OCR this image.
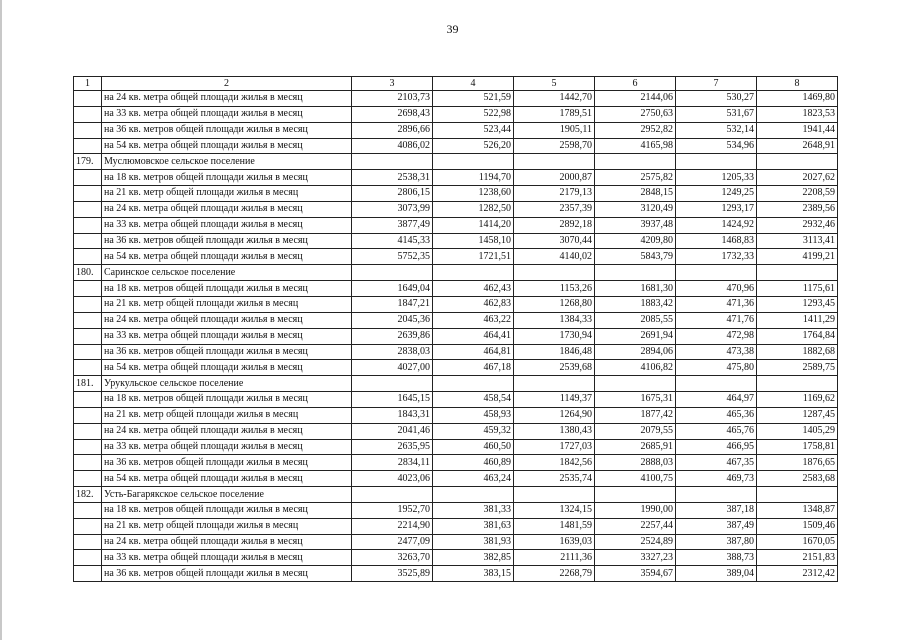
39
1	2	3	4	5	6	7	8
	на 24 кв. метра общей площади жилья в месяц	2103,73	521,59	1442,70	2144,06	530,27	1469,80
	на 33 кв. метра общей площади жилья в месяц	2698,43	522,98	1789,51	2750,63	531,67	1823,53
	на 36 кв. метров общей площади жилья в месяц	2896,66	523,44	1905,11	2952,82	532,14	1941,44
	на 54 кв. метра общей площади жилья в месяц	4086,02	526,20	2598,70	4165,98	534,96	2648,91
179.	Муслюмовское сельское поселение						
	на 18 кв. метров общей площади жилья в месяц	2538,31	1194,70	2000,87	2575,82	1205,33	2027,62
	на 21 кв. метр общей площади жилья в месяц	2806,15	1238,60	2179,13	2848,15	1249,25	2208,59
	на 24 кв. метра общей площади жилья в месяц	3073,99	1282,50	2357,39	3120,49	1293,17	2389,56
	на 33 кв. метра общей площади жилья в месяц	3877,49	1414,20	2892,18	3937,48	1424,92	2932,46
	на 36 кв. метров общей площади жилья в месяц	4145,33	1458,10	3070,44	4209,80	1468,83	3113,41
	на 54 кв. метра общей площади жилья в месяц	5752,35	1721,51	4140,02	5843,79	1732,33	4199,21
180.	Саринское сельское поселение						
	на 18 кв. метров общей площади жилья в месяц	1649,04	462,43	1153,26	1681,30	470,96	1175,61
	на 21 кв. метр общей площади жилья в месяц	1847,21	462,83	1268,80	1883,42	471,36	1293,45
	на 24 кв. метра общей площади жилья в месяц	2045,36	463,22	1384,33	2085,55	471,76	1411,29
	на 33 кв. метра общей площади жилья в месяц	2639,86	464,41	1730,94	2691,94	472,98	1764,84
	на 36 кв. метров общей площади жилья в месяц	2838,03	464,81	1846,48	2894,06	473,38	1882,68
	на 54 кв. метра общей площади жилья в месяц	4027,00	467,18	2539,68	4106,82	475,80	2589,75
181.	Урукульское сельское поселение						
	на 18 кв. метров общей площади жилья в месяц	1645,15	458,54	1149,37	1675,31	464,97	1169,62
	на 21 кв. метр общей площади жилья в месяц	1843,31	458,93	1264,90	1877,42	465,36	1287,45
	на 24 кв. метра общей площади жилья в месяц	2041,46	459,32	1380,43	2079,55	465,76	1405,29
	на 33 кв. метра общей площади жилья в месяц	2635,95	460,50	1727,03	2685,91	466,95	1758,81
	на 36 кв. метров общей площади жилья в месяц	2834,11	460,89	1842,56	2888,03	467,35	1876,65
	на 54 кв. метра общей площади жилья в месяц	4023,06	463,24	2535,74	4100,75	469,73	2583,68
182.	Усть-Багарякское сельское поселение						
	на 18 кв. метров общей площади жилья в месяц	1952,70	381,33	1324,15	1990,00	387,18	1348,87
	на 21 кв. метр общей площади жилья в месяц	2214,90	381,63	1481,59	2257,44	387,49	1509,46
	на 24 кв. метра общей площади жилья в месяц	2477,09	381,93	1639,03	2524,89	387,80	1670,05
	на 33 кв. метра общей площади жилья в месяц	3263,70	382,85	2111,36	3327,23	388,73	2151,83
	на 36 кв. метров общей площади жилья в месяц	3525,89	383,15	2268,79	3594,67	389,04	2312,42
